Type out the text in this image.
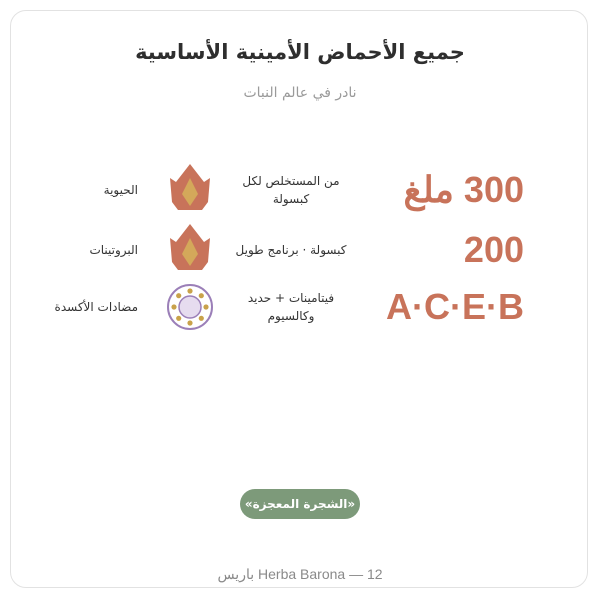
جميع الأحماض الأمينية الأساسية
نادر في عالم النبات
300 ملغ
من المستخلص لكل كبسولة
الحيوية
200
كبسولة · برنامج طويل
البروتينات
A·C·E·B
فيتامينات + حديد وكالسيوم
مضادات الأكسدة
«الشجرة المعجزة»
Herba Barona — 12 باريس
